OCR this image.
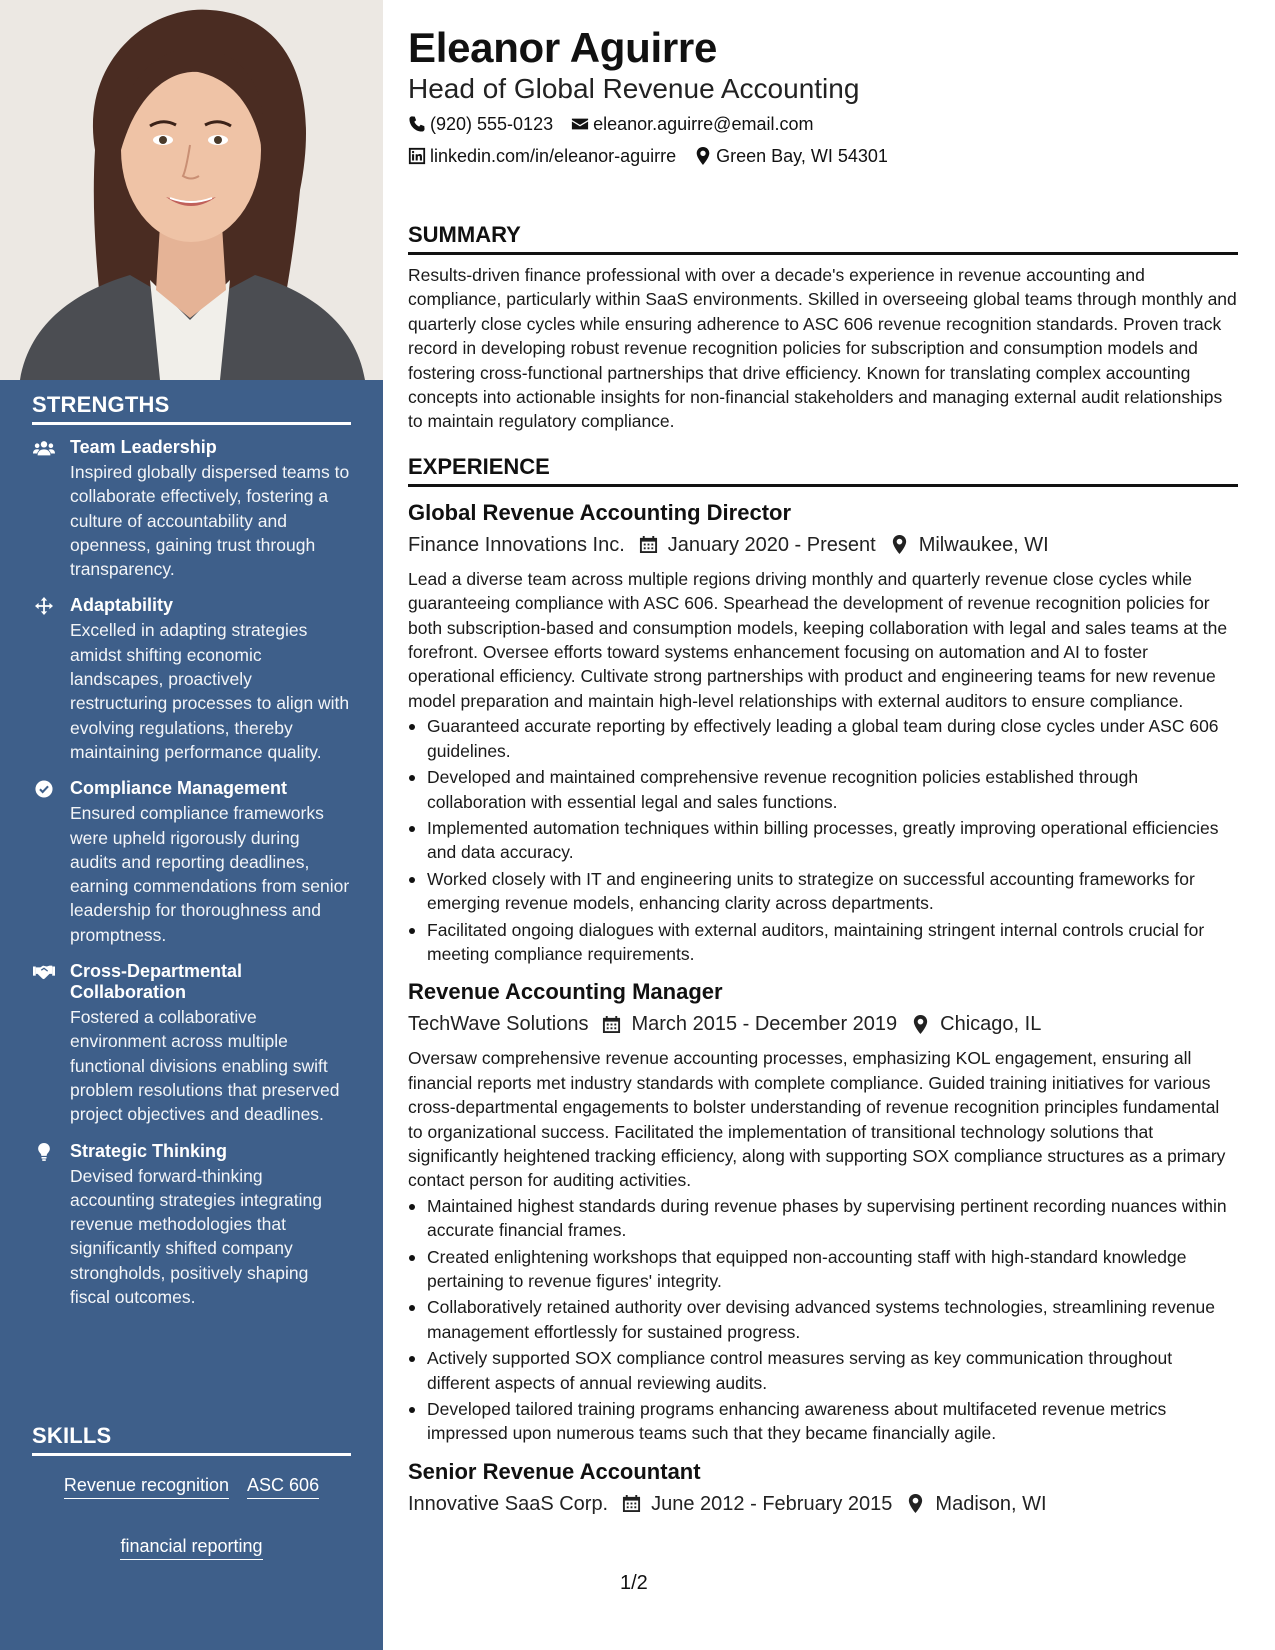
STRENGTHS
Team Leadership
Inspired globally dispersed teams to collaborate effectively, fostering a culture of accountability and openness, gaining trust through transparency.
Adaptability
Excelled in adapting strategies amidst shifting economic landscapes, proactively restructuring processes to align with evolving regulations, thereby maintaining performance quality.
Compliance Management
Ensured compliance frameworks were upheld rigorously during audits and reporting deadlines, earning commendations from senior leadership for thoroughness and promptness.
Cross-Departmental Collaboration
Fostered a collaborative environment across multiple functional divisions enabling swift problem resolutions that preserved project objectives and deadlines.
Strategic Thinking
Devised forward-thinking accounting strategies integrating revenue methodologies that significantly shifted company strongholds, positively shaping fiscal outcomes.
SKILLS
Revenue recognition ASC 606
financial reporting
Eleanor Aguirre
Head of Global Revenue Accounting
(920) 555-0123 eleanor.aguirre@email.com
linkedin.com/in/eleanor-aguirre Green Bay, WI 54301
SUMMARY

Results-driven finance professional with over a decade's experience in revenue accounting and compliance, particularly within SaaS environments. Skilled in overseeing global teams through monthly and quarterly close cycles while ensuring adherence to ASC 606 revenue recognition standards. Proven track record in developing robust revenue recognition policies for subscription and consumption models and fostering cross-functional partnerships that drive efficiency. Known for translating complex accounting concepts into actionable insights for non-financial stakeholders and managing external audit relationships to maintain regulatory compliance.

EXPERIENCE
Global Revenue Accounting Director
Finance Innovations Inc. January 2020 - Present Milwaukee, WI

Lead a diverse team across multiple regions driving monthly and quarterly revenue close cycles while guaranteeing compliance with ASC 606. Spearhead the development of revenue recognition policies for both subscription-based and consumption models, keeping collaboration with legal and sales teams at the forefront. Oversee efforts toward systems enhancement focusing on automation and AI to foster operational efficiency. Cultivate strong partnerships with product and engineering teams for new revenue model preparation and maintain high-level relationships with external auditors to ensure compliance.

Guaranteed accurate reporting by effectively leading a global team during close cycles under ASC 606 guidelines.
Developed and maintained comprehensive revenue recognition policies established through collaboration with essential legal and sales functions.
Implemented automation techniques within billing processes, greatly improving operational efficiencies and data accuracy.
Worked closely with IT and engineering units to strategize on successful accounting frameworks for emerging revenue models, enhancing clarity across departments.
Facilitated ongoing dialogues with external auditors, maintaining stringent internal controls crucial for meeting compliance requirements.
Revenue Accounting Manager
TechWave Solutions March 2015 - December 2019 Chicago, IL

Oversaw comprehensive revenue accounting processes, emphasizing KOL engagement, ensuring all financial reports met industry standards with complete compliance. Guided training initiatives for various cross-departmental engagements to bolster understanding of revenue recognition principles fundamental to organizational success. Facilitated the implementation of transitional technology solutions that significantly heightened tracking efficiency, along with supporting SOX compliance structures as a primary contact person for auditing activities.

Maintained highest standards during revenue phases by supervising pertinent recording nuances within accurate financial frames.
Created enlightening workshops that equipped non-accounting staff with high-standard knowledge pertaining to revenue figures' integrity.
Collaboratively retained authority over devising advanced systems technologies, streamlining revenue management effortlessly for sustained progress.
Actively supported SOX compliance control measures serving as key communication throughout different aspects of annual reviewing audits.
Developed tailored training programs enhancing awareness about multifaceted revenue metrics impressed upon numerous teams such that they became financially agile.
Senior Revenue Accountant
Innovative SaaS Corp. June 2012 - February 2015 Madison, WI
1/2
